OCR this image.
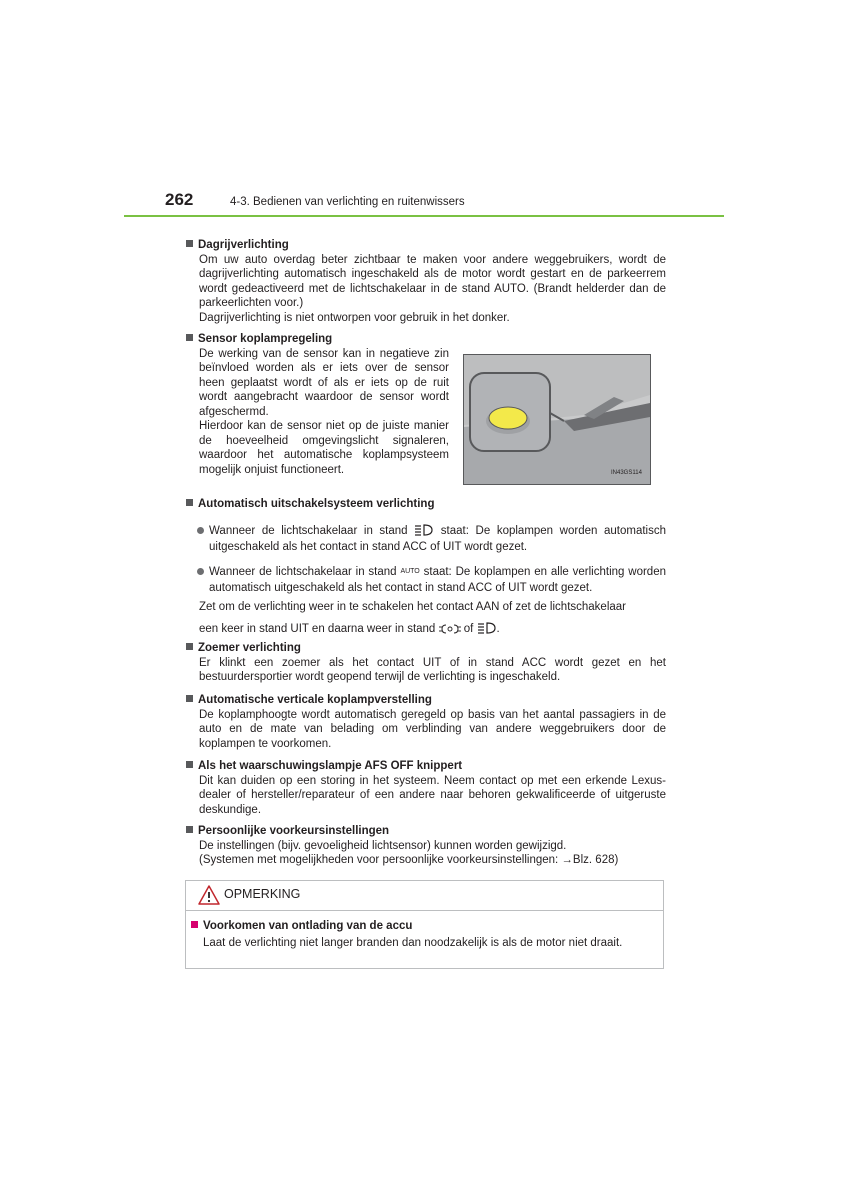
262	4-3. Bedienen van verlichting en ruitenwissers
Dagrijverlichting
Om uw auto overdag beter zichtbaar te maken voor andere weggebruikers, wordt de dagrijverlichting automatisch ingeschakeld als de motor wordt gestart en de parkeerrem wordt gedeactiveerd met de lichtschakelaar in de stand AUTO. (Brandt helderder dan de parkeerlichten voor.)
Dagrijverlichting is niet ontworpen voor gebruik in het donker.
Sensor koplampregeling
De werking van de sensor kan in negatieve zin beïnvloed worden als er iets over de sensor heen geplaatst wordt of als er iets op de ruit wordt aangebracht waardoor de sensor wordt afgeschermd.
Hierdoor kan de sensor niet op de juiste manier de hoeveelheid omgevingslicht signaleren, waardoor het automatische koplampsysteem mogelijk onjuist functioneert.	IN43GS114
Automatisch uitschakelsysteem verlichting
Wanneer de lichtschakelaar in stand	staat: De koplampen worden automatisch uitgeschakeld als het contact in stand ACC of UIT wordt gezet.
Wanneer de lichtschakelaar in stand AUTO staat: De koplampen en alle verlichting worden automatisch uitgeschakeld als het contact in stand ACC of UIT wordt gezet.
Zet om de verlichting weer in te schakelen het contact AAN of zet de lichtschakelaar
een keer in stand UIT en daarna weer in stand of .
Zoemer verlichting
Er klinkt een zoemer als het contact UIT of in stand ACC wordt gezet en het bestuurdersportier wordt geopend terwijl de verlichting is ingeschakeld.
Automatische verticale koplampverstelling
De koplamphoogte wordt automatisch geregeld op basis van het aantal passagiers in de auto en de mate van belading om verblinding van andere weggebruikers door de koplampen te voorkomen.
Als het waarschuwingslampje AFS OFF knippert
Dit kan duiden op een storing in het systeem. Neem contact op met een erkende Lexus-dealer of hersteller/reparateur of een andere naar behoren gekwalificeerde of uitgeruste deskundige.
Persoonlijke voorkeursinstellingen
De instellingen (bijv. gevoeligheid lichtsensor) kunnen worden gewijzigd.
(Systemen met mogelijkheden voor persoonlijke voorkeursinstellingen: →Blz. 628)
OPMERKING
Voorkomen van ontlading van de accu
Laat de verlichting niet langer branden dan noodzakelijk is als de motor niet draait.
